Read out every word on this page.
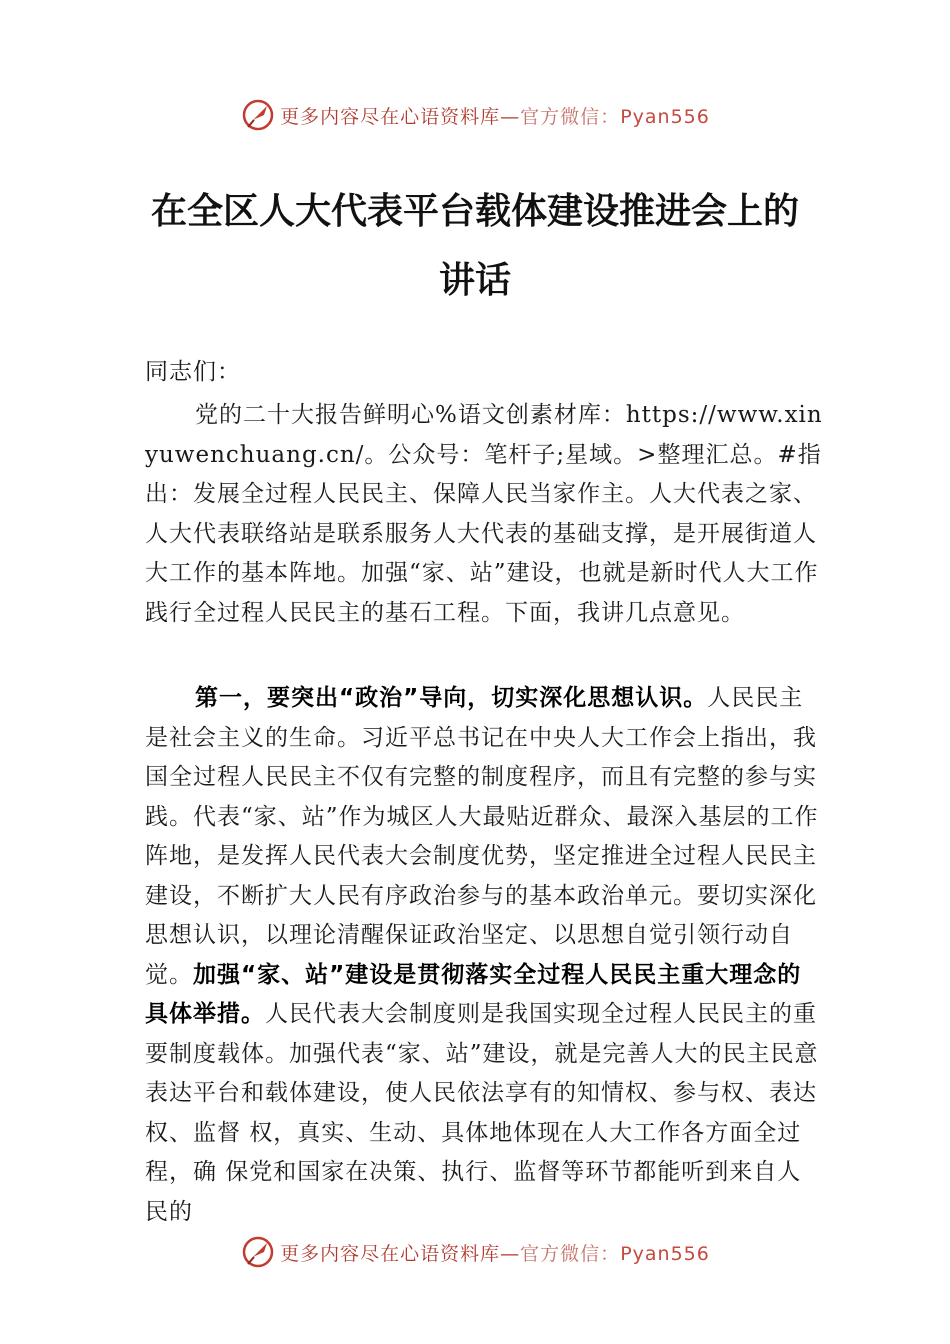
更多内容尽在心语资料库—官方微信：Pyan556
在全区人大代表平台载体建设推进会上的
讲话
同志们：
党的二十大报告鲜明心%语文创素材库：https://www.xinyuwenchuang.cn/。公众号：笔杆子;星域。>整理汇总。#指出：发展全过程人民民主、保障人民当家作主。人大代表之家、人大代表联络站是联系服务人大代表的基础支撑，是开展街道人大工作的基本阵地。加强“家、站”建设，也就是新时代人大工作践行全过程人民民主的基石工程。下面，我讲几点意见。
第一，要突出“政治”导向，切实深化思想认识。人民民主是社会主义的生命。习近平总书记在中央人大工作会上指出，我国全过程人民民主不仅有完整的制度程序，而且有完整的参与实践。代表“家、站”作为城区人大最贴近群众、最深入基层的工作阵地，是发挥人民代表大会制度优势，坚定推进全过程人民民主建设，不断扩大人民有序政治参与的基本政治单元。要切实深化思想认识，以理论清醒保证政治坚定、以思想自觉引领行动自觉。加强“家、站”建设是贯彻落实全过程人民民主重大理念的具体举措。人民代表大会制度则是我国实现全过程人民民主的重要制度载体。加强代表“家、站”建设，就是完善人大的民主民意表达平台和载体建设，使人民依法享有的知情权、参与权、表达权、监督 权，真实、生动、具体地体现在人大工作各方面全过程，确 保党和国家在决策、执行、监督等环节都能听到来自人民的
更多内容尽在心语资料库—官方微信：Pyan556
